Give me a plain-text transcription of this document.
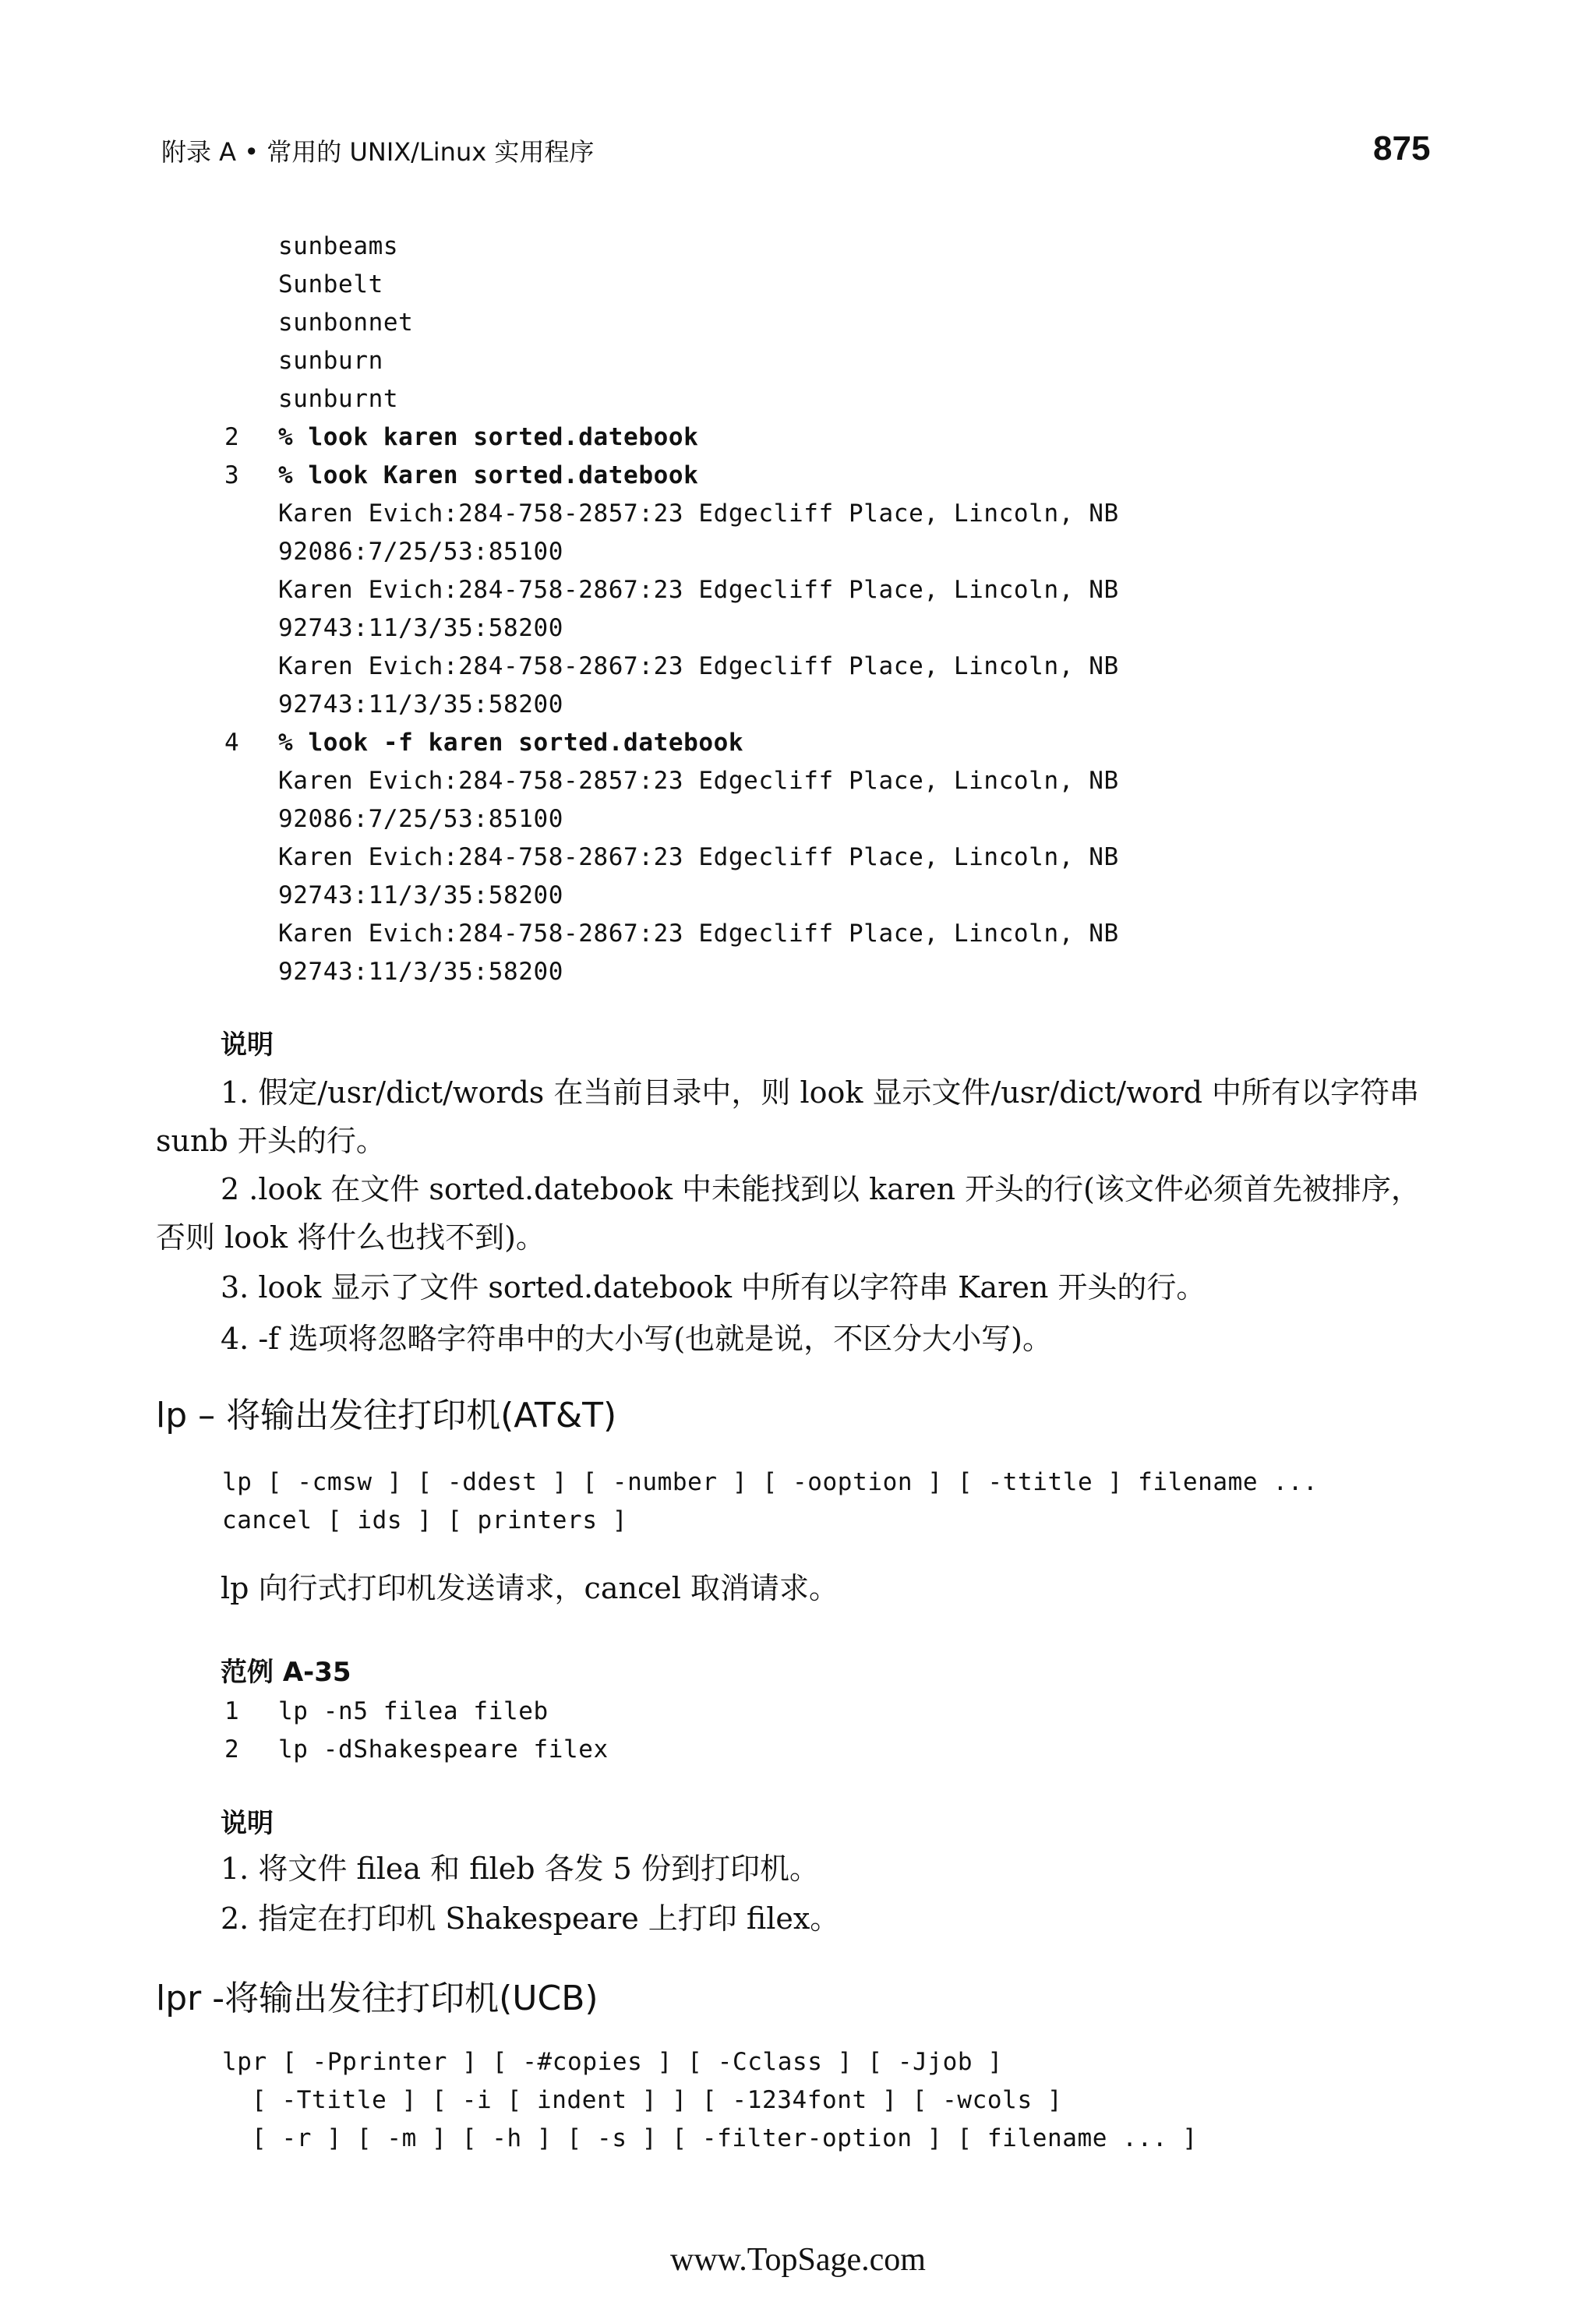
附录 A • 常用的 UNIX/Linux 实用程序	875
sunbeams
Sunbelt
sunbonnet
sunburn
sunburnt
2	% look karen sorted.datebook
3	% look Karen sorted.datebook
Karen Evich:284-758-2857:23 Edgecliff Place, Lincoln, NB
92086:7/25/53:85100
Karen Evich:284-758-2867:23 Edgecliff Place, Lincoln, NB
92743:11/3/35:58200
Karen Evich:284-758-2867:23 Edgecliff Place, Lincoln, NB
92743:11/3/35:58200
4	% look -f karen sorted.datebook
Karen Evich:284-758-2857:23 Edgecliff Place, Lincoln, NB
92086:7/25/53:85100
Karen Evich:284-758-2867:23 Edgecliff Place, Lincoln, NB
92743:11/3/35:58200
Karen Evich:284-758-2867:23 Edgecliff Place, Lincoln, NB
92743:11/3/35:58200
说明
1. 假定/usr/dict/words 在当前目录中，则 look 显示文件/usr/dict/word 中所有以字符串
sunb 开头的行。
2 .look 在文件 sorted.datebook 中未能找到以 karen 开头的行(该文件必须首先被排序，
否则 look 将什么也找不到)。
3. look 显示了文件 sorted.datebook 中所有以字符串 Karen 开头的行。
4. -f 选项将忽略字符串中的大小写(也就是说，不区分大小写)。
lp – 将输出发往打印机(AT&T)
lp [ -cmsw ] [ -ddest ] [ -number ] [ -ooption ] [ -ttitle ] filename ...
cancel [ ids ] [ printers ]
lp 向行式打印机发送请求，cancel 取消请求。
范例 A-35
1	lp -n5 filea fileb
2	lp -dShakespeare filex
说明
1. 将文件 filea 和 fileb 各发 5 份到打印机。
2. 指定在打印机 Shakespeare 上打印 filex。
lpr -将输出发往打印机(UCB)
lpr [ -Pprinter ] [ -#copies ] [ -Cclass ] [ -Jjob ]
[ -Ttitle ] [ -i [ indent ] ] [ -1234font ] [ -wcols ]
[ -r ] [ -m ] [ -h ] [ -s ] [ -filter-option ] [ filename ... ]
www.TopSage.com
